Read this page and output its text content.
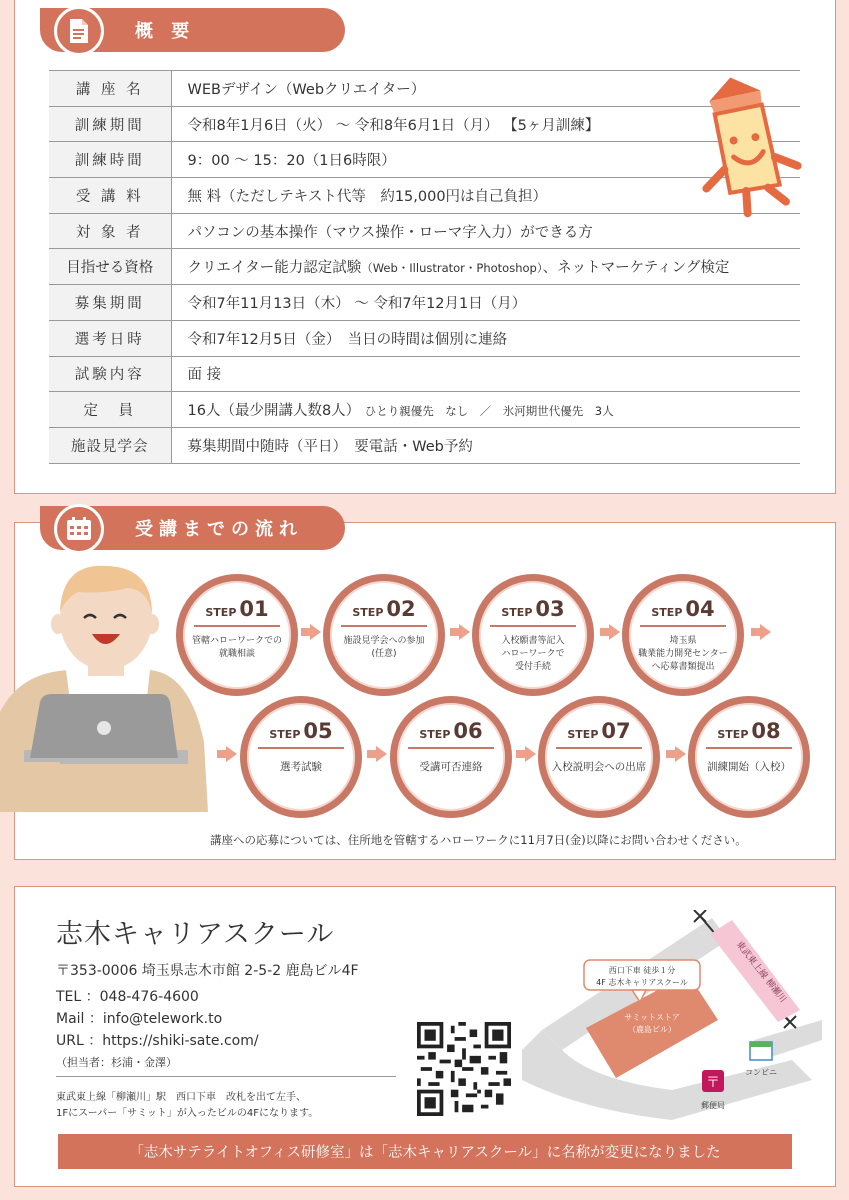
概 要
講 座 名	WEBデザイン（Webクリエイター）
訓練期間	令和8年1月6日（火） ～ 令和8年6月1日（月） 【5ヶ月訓練】
訓練時間	9：00 ～ 15：20（1日6時限）
受 講 料	無 料（ただしテキスト代等　約15,000円は自己負担）
対 象 者	パソコンの基本操作（マウス操作・ローマ字入力）ができる方
目指せる資格	クリエイター能力認定試験（Web・Illustrator・Photoshop）、ネットマーケティング検定
募集期間	令和7年11月13日（木） ～ 令和7年12月1日（月）
選考日時	令和7年12月5日（金）　当日の時間は個別に連絡
試験内容	面 接
定　員	16人（最少開講人数8人） ひとり親優先　なし　／　氷河期世代優先　3人
施設見学会	募集期間中随時（平日）　要電話・Web予約
受講までの流れ
STEP 01
管轄ハローワークでの
就職相談
STEP 02
施設見学会への参加
(任意)
STEP 03
入校願書等記入
ハローワークで
受付手続
STEP 04
埼玉県
職業能力開発センター
へ応募書類提出
STEP 05
選考試験
STEP 06
受講可否連絡
STEP 07
入校説明会への出席
STEP 08
訓練開始（入校）
講座への応募については、住所地を管轄するハローワークに11月7日(金)以降にお問い合わせください。
志木キャリアスクール
〒353-0006 埼玉県志木市館 2-5-2 鹿島ビル4F
TEL ：048-476-4600
Mail ：info@telework.to
URL ：https://shiki-sate.com/
（担当者：杉浦・金澤）
東武東上線「柳瀬川」駅　西口下車　改札を出て左手、
1Fにスーパー「サミット」が入ったビルの4Fになります。
東武東上線 柳瀬川
サミットストア
（鹿島ビル）
西口下車 徒歩１分
4F 志木キャリアスクール
コンビニ
〒
郵便局
「志木サテライトオフィス研修室」は「志木キャリアスクール」に名称が変更になりました
